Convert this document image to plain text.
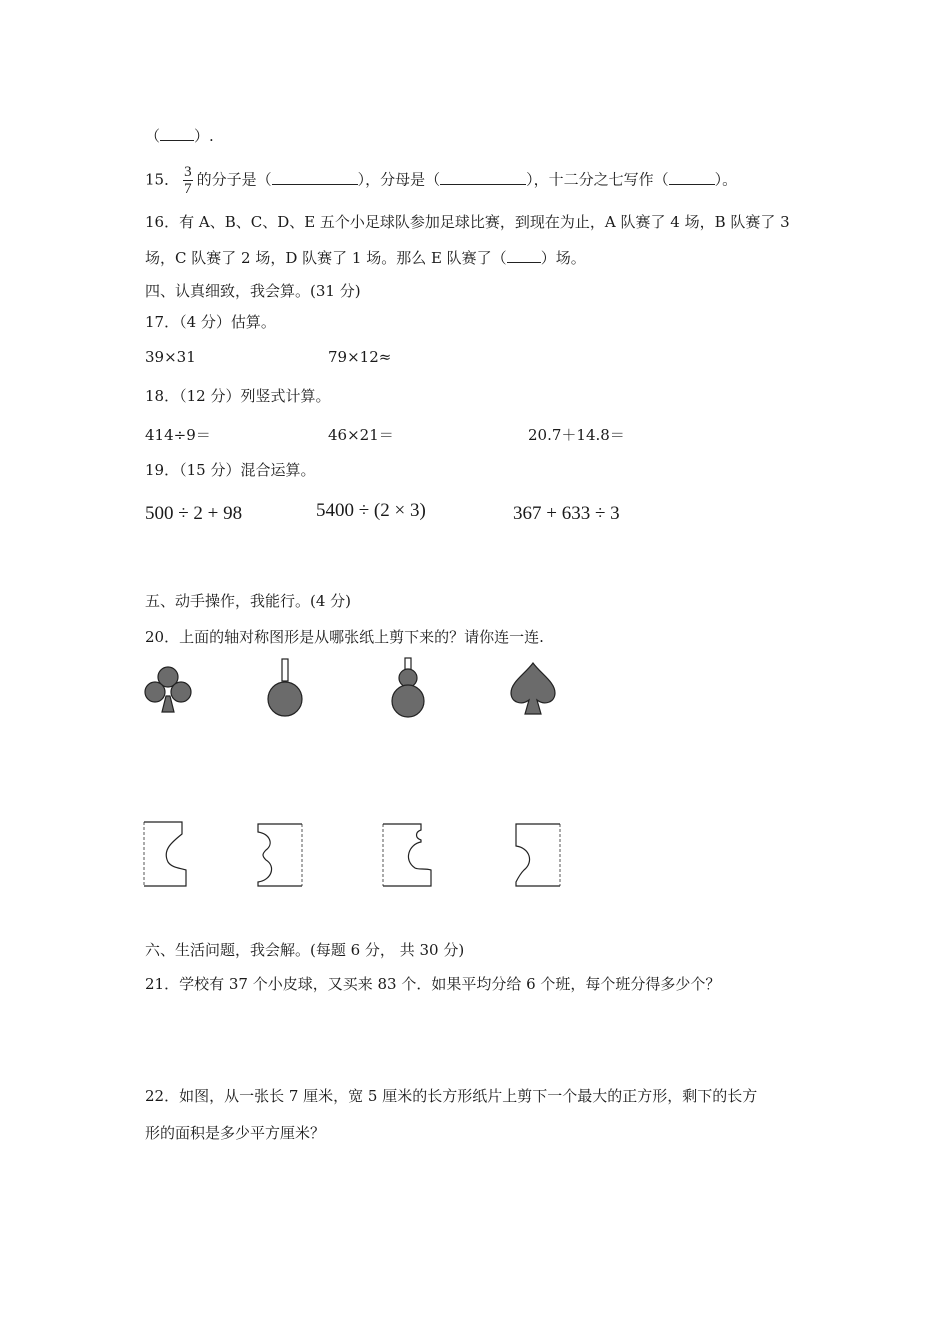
（ ）.
15． $\frac{3}{7}$ 的分子是（	），分母是（	），十二分之七写作（	）。
16．有 A、B、C、D、E 五个小足球队参加足球比赛，到现在为止，A 队赛了 4 场，B 队赛了 3
场，C 队赛了 2 场，D 队赛了 1 场。那么 E 队赛了（ ）场。
四、认真细致，我会算。(31 分)
17．（4 分）估算。
39×31	79×12≈
18．（12 分）列竖式计算。
414÷9＝	46×21＝	20.7＋14.8＝
19．（15 分）混合运算。
500 ÷ 2 + 98	5400 ÷ (2 × 3)	367 + 633 ÷ 3
五、动手操作，我能行。(4 分)
20．上面的轴对称图形是从哪张纸上剪下来的？请你连一连.
六、生活问题，我会解。(每题 6 分， 共 30 分)
21．学校有 37 个小皮球，又买来 83 个．如果平均分给 6 个班，每个班分得多少个？
22．如图，从一张长 7 厘米，宽 5 厘米的长方形纸片上剪下一个最大的正方形，剩下的长方
形的面积是多少平方厘米？
